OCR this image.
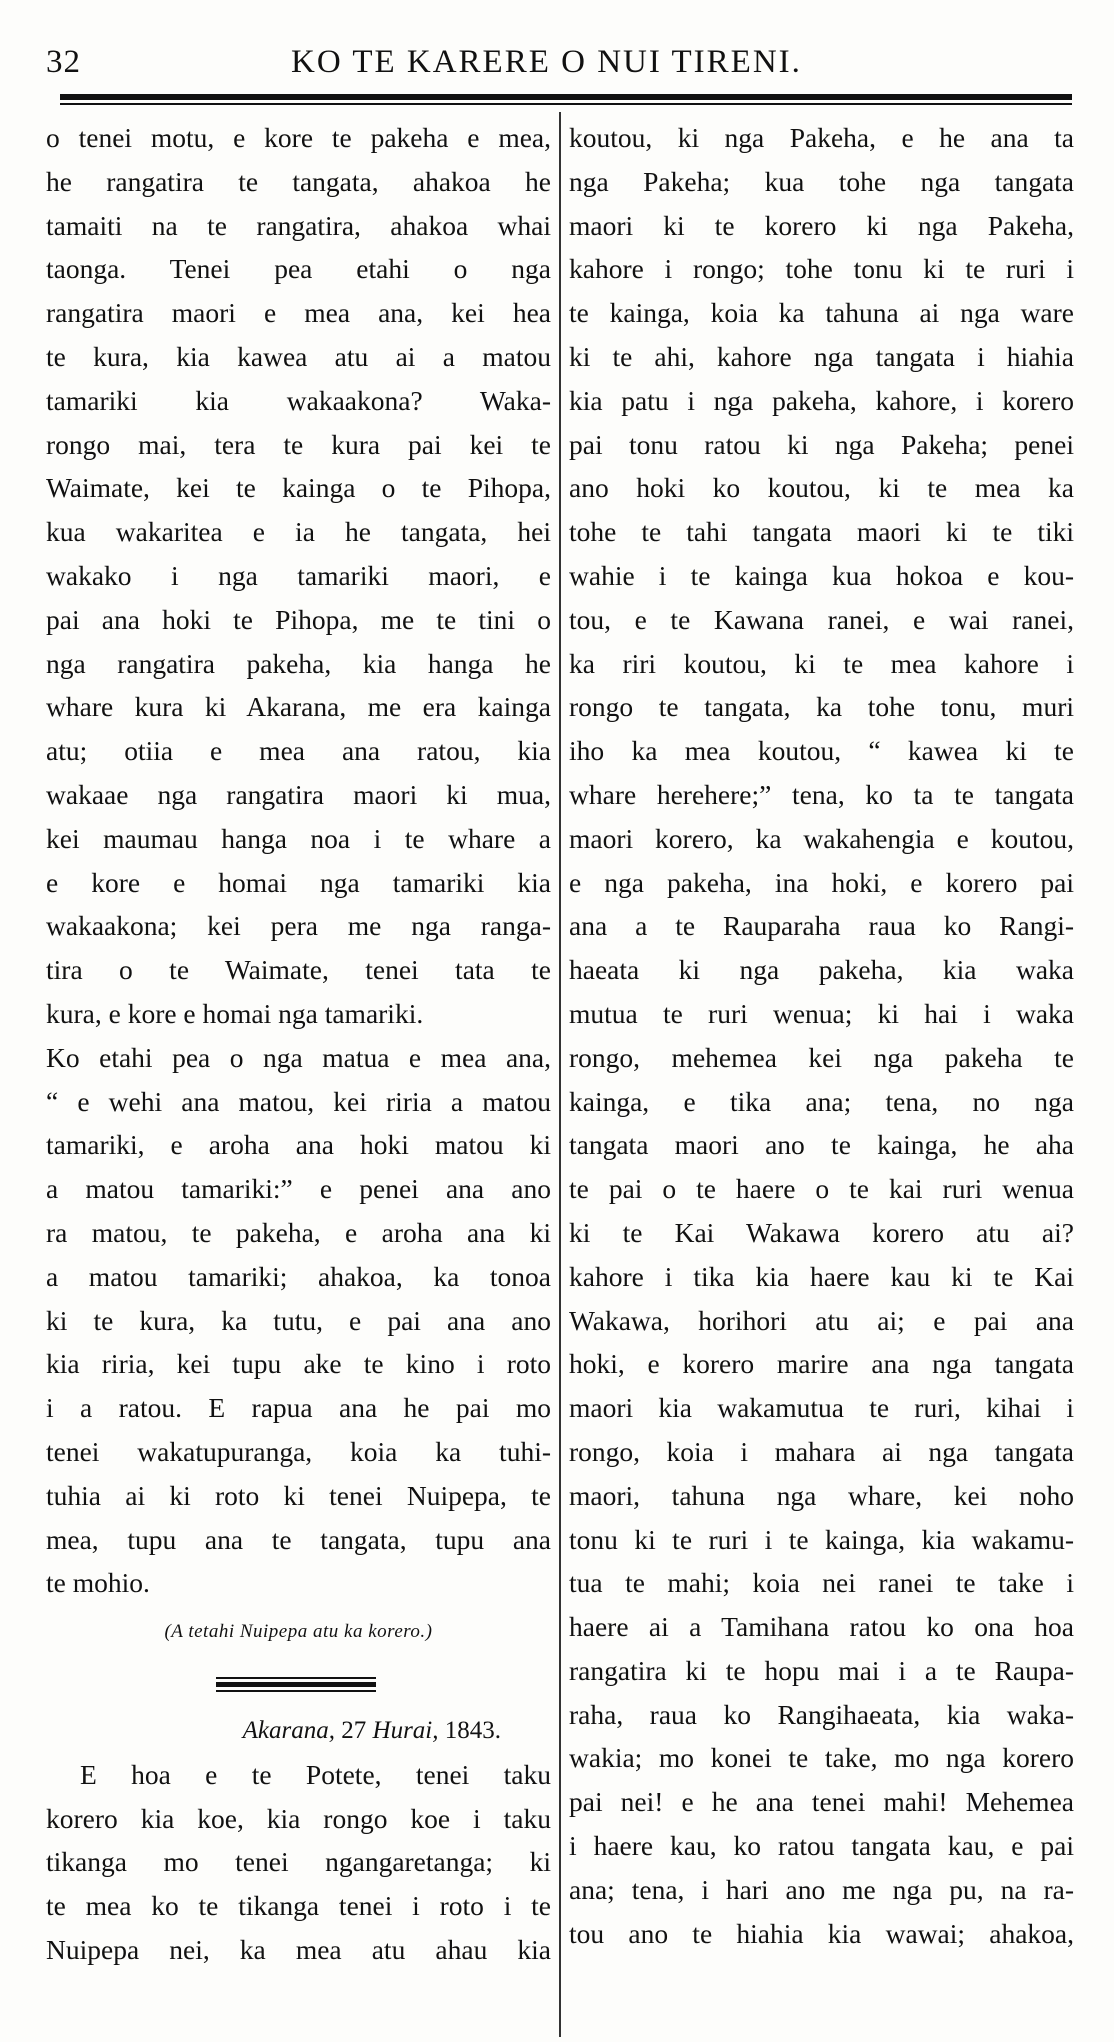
32	KO TE KARERE O NUI TIRENI.
o tenei motu, e kore te pakeha e mea,
he rangatira te tangata, ahakoa he
tamaiti na te rangatira, ahakoa whai
taonga. Tenei pea etahi o nga
rangatira maori e mea ana, kei hea
te kura, kia kawea atu ai a matou
tamariki kia wakaakona? Waka-
rongo mai, tera te kura pai kei te
Waimate, kei te kainga o te Pihopa,
kua wakaritea e ia he tangata, hei
wakako i nga tamariki maori, e
pai ana hoki te Pihopa, me te tini o
nga rangatira pakeha, kia hanga he
whare kura ki Akarana, me era kainga
atu; otiia e mea ana ratou, kia
wakaae nga rangatira maori ki mua,
kei maumau hanga noa i te whare a
e kore e homai nga tamariki kia
wakaakona; kei pera me nga ranga-
tira o te Waimate, tenei tata te
kura, e kore e homai nga tamariki.
Ko etahi pea o nga matua e mea ana,
“ e wehi ana matou, kei riria a matou
tamariki, e aroha ana hoki matou ki
a matou tamariki:” e penei ana ano
ra matou, te pakeha, e aroha ana ki
a matou tamariki; ahakoa, ka tonoa
ki te kura, ka tutu, e pai ana ano
kia riria, kei tupu ake te kino i roto
i a ratou. E rapua ana he pai mo
tenei wakatupuranga, koia ka tuhi-
tuhia ai ki roto ki tenei Nuipepa, te
mea, tupu ana te tangata, tupu ana
te mohio.
(A tetahi Nuipepa atu ka korero.)
Akarana, 27 Hurai, 1843.
E hoa e te Potete, tenei taku
korero kia koe, kia rongo koe i taku
tikanga mo tenei ngangaretanga; ki
te mea ko te tikanga tenei i roto i te
Nuipepa nei, ka mea atu ahau kia
koutou, ki nga Pakeha, e he ana ta
nga Pakeha; kua tohe nga tangata
maori ki te korero ki nga Pakeha,
kahore i rongo; tohe tonu ki te ruri i
te kainga, koia ka tahuna ai nga ware
ki te ahi, kahore nga tangata i hiahia
kia patu i nga pakeha, kahore, i korero
pai tonu ratou ki nga Pakeha; penei
ano hoki ko koutou, ki te mea ka
tohe te tahi tangata maori ki te tiki
wahie i te kainga kua hokoa e kou-
tou, e te Kawana ranei, e wai ranei,
ka riri koutou, ki te mea kahore i
rongo te tangata, ka tohe tonu, muri
iho ka mea koutou, “ kawea ki te
whare herehere;” tena, ko ta te tangata
maori korero, ka wakahengia e koutou,
e nga pakeha, ina hoki, e korero pai
ana a te Rauparaha raua ko Rangi-
haeata ki nga pakeha, kia waka
mutua te ruri wenua; ki hai i waka
rongo, mehemea kei nga pakeha te
kainga, e tika ana; tena, no nga
tangata maori ano te kainga, he aha
te pai o te haere o te kai ruri wenua
ki te Kai Wakawa korero atu ai?
kahore i tika kia haere kau ki te Kai
Wakawa, horihori atu ai; e pai ana
hoki, e korero marire ana nga tangata
maori kia wakamutua te ruri, kihai i
rongo, koia i mahara ai nga tangata
maori, tahuna nga whare, kei noho
tonu ki te ruri i te kainga, kia wakamu-
tua te mahi; koia nei ranei te take i
haere ai a Tamihana ratou ko ona hoa
rangatira ki te hopu mai i a te Raupa-
raha, raua ko Rangihaeata, kia waka-
wakia; mo konei te take, mo nga korero
pai nei! e he ana tenei mahi! Mehemea
i haere kau, ko ratou tangata kau, e pai
ana; tena, i hari ano me nga pu, na ra-
tou ano te hiahia kia wawai; ahakoa,
